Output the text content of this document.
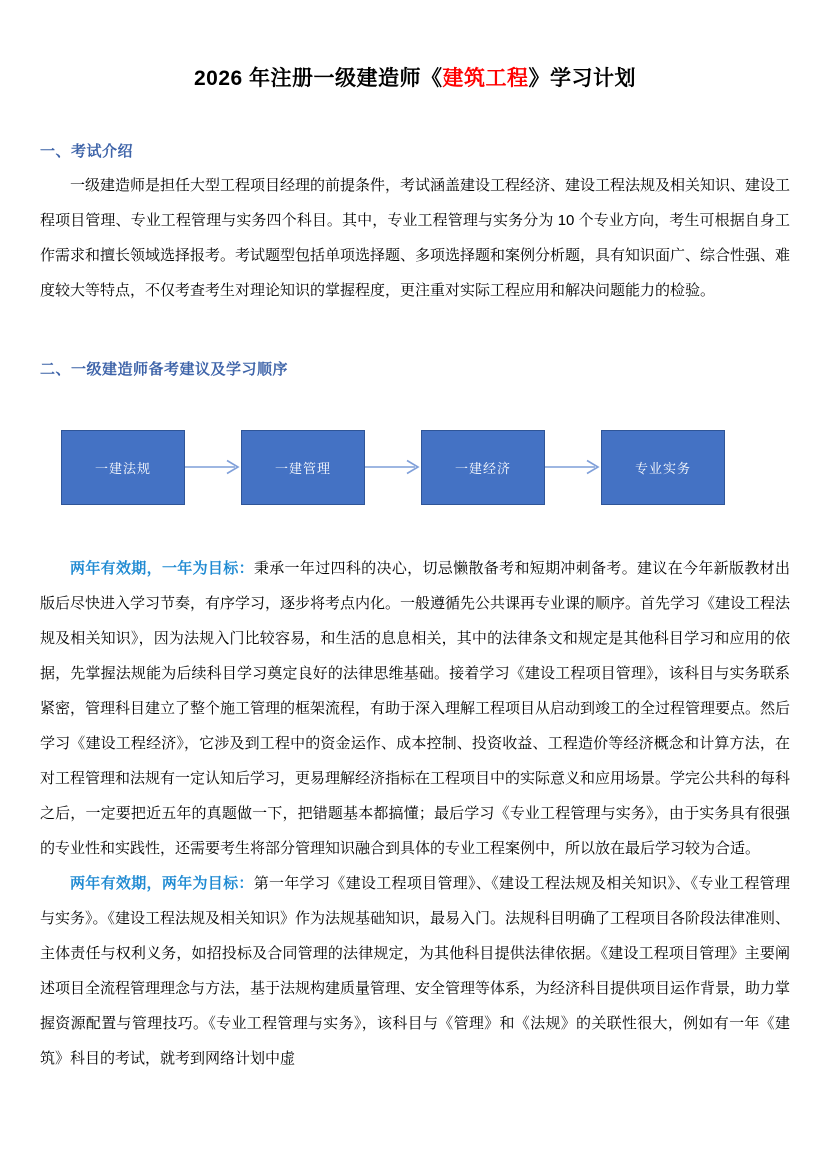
2026 年注册一级建造师《建筑工程》学习计划
一、考试介绍

一级建造师是担任大型工程项目经理的前提条件，考试涵盖建设工程经济、建设工程法规及相关知识、建设工程项目管理、专业工程管理与实务四个科目。其中，专业工程管理与实务分为 10 个专业方向，考生可根据自身工作需求和擅长领域选择报考。考试题型包括单项选择题、多项选择题和案例分析题，具有知识面广、综合性强、难度较大等特点，不仅考查考生对理论知识的掌握程度，更注重对实际工程应用和解决问题能力的检验。

二、一级建造师备考建议及学习顺序
一建法规	一建管理	一建经济	专业实务

两年有效期，一年为目标：秉承一年过四科的决心，切忌懒散备考和短期冲刺备考。建议在今年新版教材出版后尽快进入学习节奏，有序学习，逐步将考点内化。一般遵循先公共课再专业课的顺序。首先学习《建设工程法规及相关知识》，因为法规入门比较容易，和生活的息息相关，其中的法律条文和规定是其他科目学习和应用的依据，先掌握法规能为后续科目学习奠定良好的法律思维基础。接着学习《建设工程项目管理》，该科目与实务联系紧密，管理科目建立了整个施工管理的框架流程，有助于深入理解工程项目从启动到竣工的全过程管理要点。然后学习《建设工程经济》，它涉及到工程中的资金运作、成本控制、投资收益、工程造价等经济概念和计算方法，在对工程管理和法规有一定认知后学习，更易理解经济指标在工程项目中的实际意义和应用场景。学完公共科的每科之后，一定要把近五年的真题做一下，把错题基本都搞懂；最后学习《专业工程管理与实务》，由于实务具有很强的专业性和实践性，还需要考生将部分管理知识融合到具体的专业工程案例中，所以放在最后学习较为合适。

两年有效期，两年为目标：第一年学习《建设工程项目管理》、《建设工程法规及相关知识》、《专业工程管理与实务》。《建设工程法规及相关知识》作为法规基础知识，最易入门。法规科目明确了工程项目各阶段法律准则、主体责任与权利义务，如招投标及合同管理的法律规定，为其他科目提供法律依据。《建设工程项目管理》主要阐述项目全流程管理理念与方法，基于法规构建质量管理、安全管理等体系，为经济科目提供项目运作背景，助力掌握资源配置与管理技巧。《专业工程管理与实务》，该科目与《管理》和《法规》的关联性很大，例如有一年《建筑》科目的考试，就考到网络计划中虚
